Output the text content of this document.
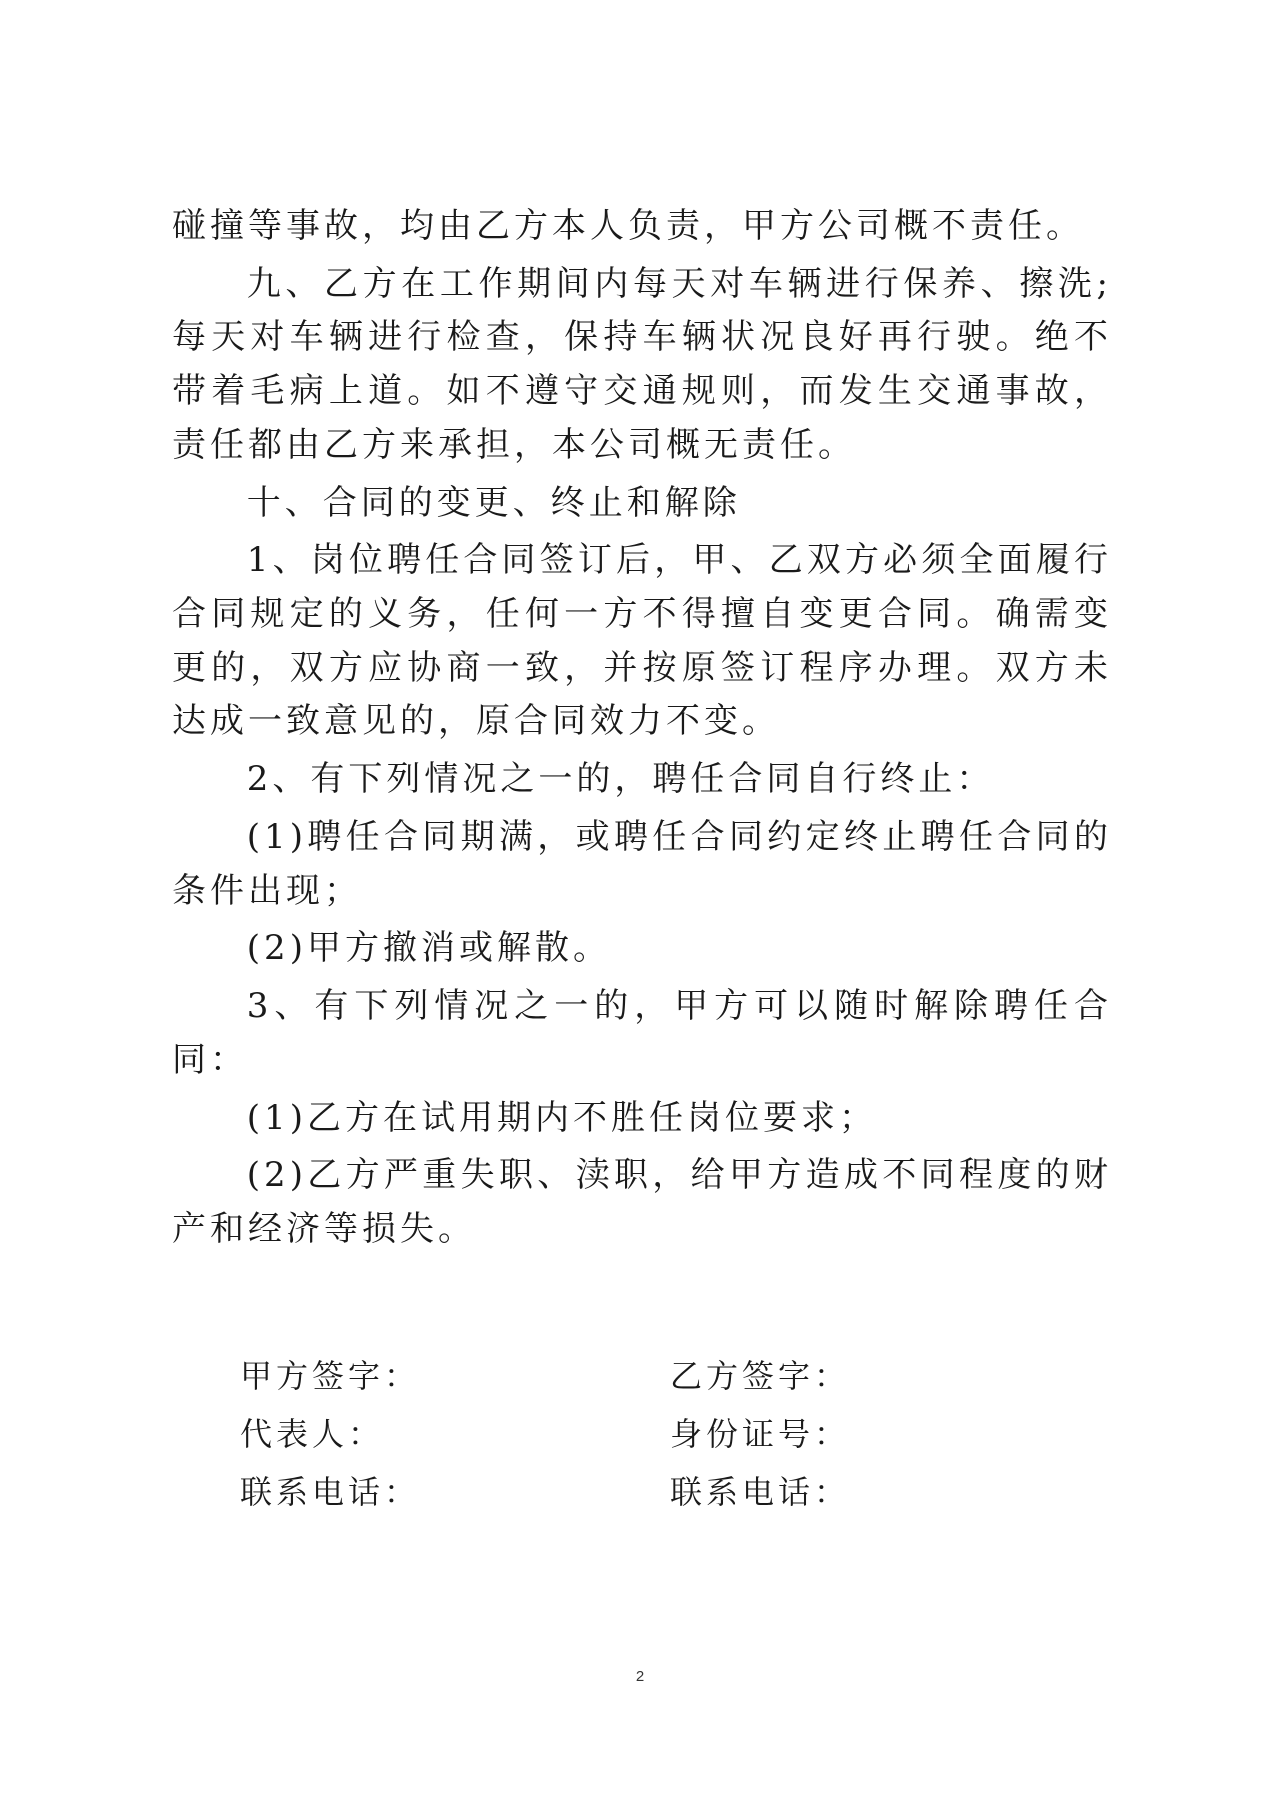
碰撞等事故，均由乙方本人负责，甲方公司概不责任。

九、乙方在工作期间内每天对车辆进行保养、擦洗;每天对车辆进行检查，保持车辆状况良好再行驶。绝不带着毛病上道。如不遵守交通规则，而发生交通事故，责任都由乙方来承担，本公司概无责任。

十、合同的变更、终止和解除

1、岗位聘任合同签订后，甲、乙双方必须全面履行合同规定的义务，任何一方不得擅自变更合同。确需变更的，双方应协商一致，并按原签订程序办理。双方未达成一致意见的，原合同效力不变。

2、有下列情况之一的，聘任合同自行终止：

(1)聘任合同期满，或聘任合同约定终止聘任合同的条件出现；

(2)甲方撤消或解散。

3、有下列情况之一的，甲方可以随时解除聘任合同：

(1)乙方在试用期内不胜任岗位要求；

(2)乙方严重失职、渎职，给甲方造成不同程度的财产和经济等损失。

甲方签字：	乙方签字：
代表人：	身份证号：
联系电话：	联系电话：
2
